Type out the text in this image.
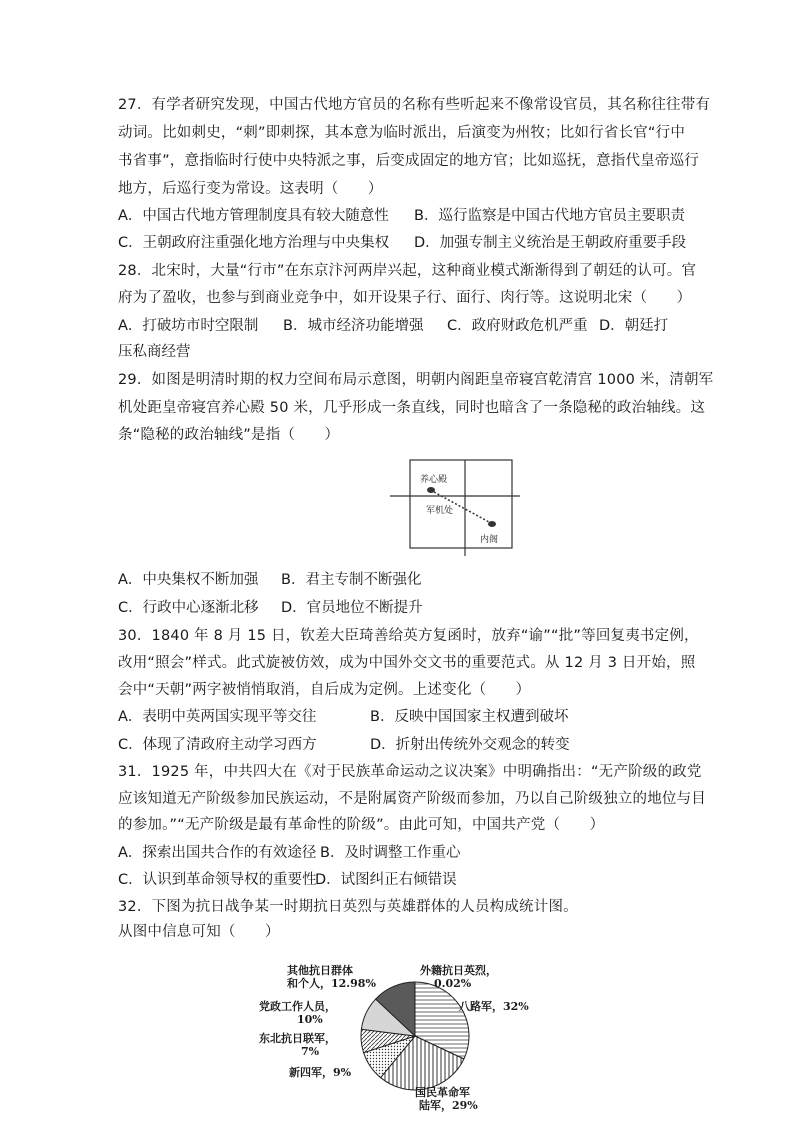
27．有学者研究发现，中国古代地方官员的名称有些听起来不像常设官员，其名称往往带有
动词。比如刺史，“刺”即刺探，其本意为临时派出，后演变为州牧；比如行省长官“行中
书省事”，意指临时行使中央特派之事，后变成固定的地方官；比如巡抚，意指代皇帝巡行
地方，后巡行变为常设。这表明（　　）
A．中国古代地方管理制度具有较大随意性 B．巡行监察是中国古代地方官员主要职责
C．王朝政府注重强化地方治理与中央集权 D．加强专制主义统治是王朝政府重要手段
28．北宋时，大量“行市”在东京汴河两岸兴起，这种商业模式渐渐得到了朝廷的认可。官
府为了盈收，也参与到商业竞争中，如开设果子行、面行、肉行等。这说明北宋（　　）
A．打破坊市时空限制 B．城市经济功能增强 C．政府财政危机严重 D．朝廷打
压私商经营
29．如图是明清时期的权力空间布局示意图，明朝内阁距皇帝寝宫乾清宫 1000 米，清朝军
机处距皇帝寝宫养心殿 50 米，几乎形成一条直线，同时也暗含了一条隐秘的政治轴线。这
条“隐秘的政治轴线”是指（　　）
养心殿
军机处
内阁
A．中央集权不断加强 B．君主专制不断强化
C．行政中心逐渐北移 D．官员地位不断提升
30．1840 年 8 月 15 日，钦差大臣琦善给英方复函时，放弃“谕”“批”等回复夷书定例，
改用“照会”样式。此式旋被仿效，成为中国外交文书的重要范式。从 12 月 3 日开始，照
会中“天朝”两字被悄悄取消，自后成为定例。上述变化（　　）
A．表明中英两国实现平等交往	B．反映中国国家主权遭到破坏
C．体现了清政府主动学习西方	D．折射出传统外交观念的转变
31．1925 年，中共四大在《对于民族革命运动之议决案》中明确指出：“无产阶级的政党
应该知道无产阶级参加民族运动，不是附属资产阶级而参加，乃以自己阶级独立的地位与目
的参加。”“无产阶级是最有革命性的阶级”。由此可知，中国共产党（　　）
A．探索出国共合作的有效途径 B．及时调整工作重心
C．认识到革命领导权的重要性
D．试图纠正右倾错误
32．下图为抗日战争某一时期抗日英烈与英雄群体的人员构成统计图。
从图中信息可知（　　）
其他抗日群体
和个人，12.98%
外籍抗日英烈，
0.02%
八路军，32%
党政工作人员，
10%
东北抗日联军，
7%
新四军，9%
国民革命军
陆军，29%
